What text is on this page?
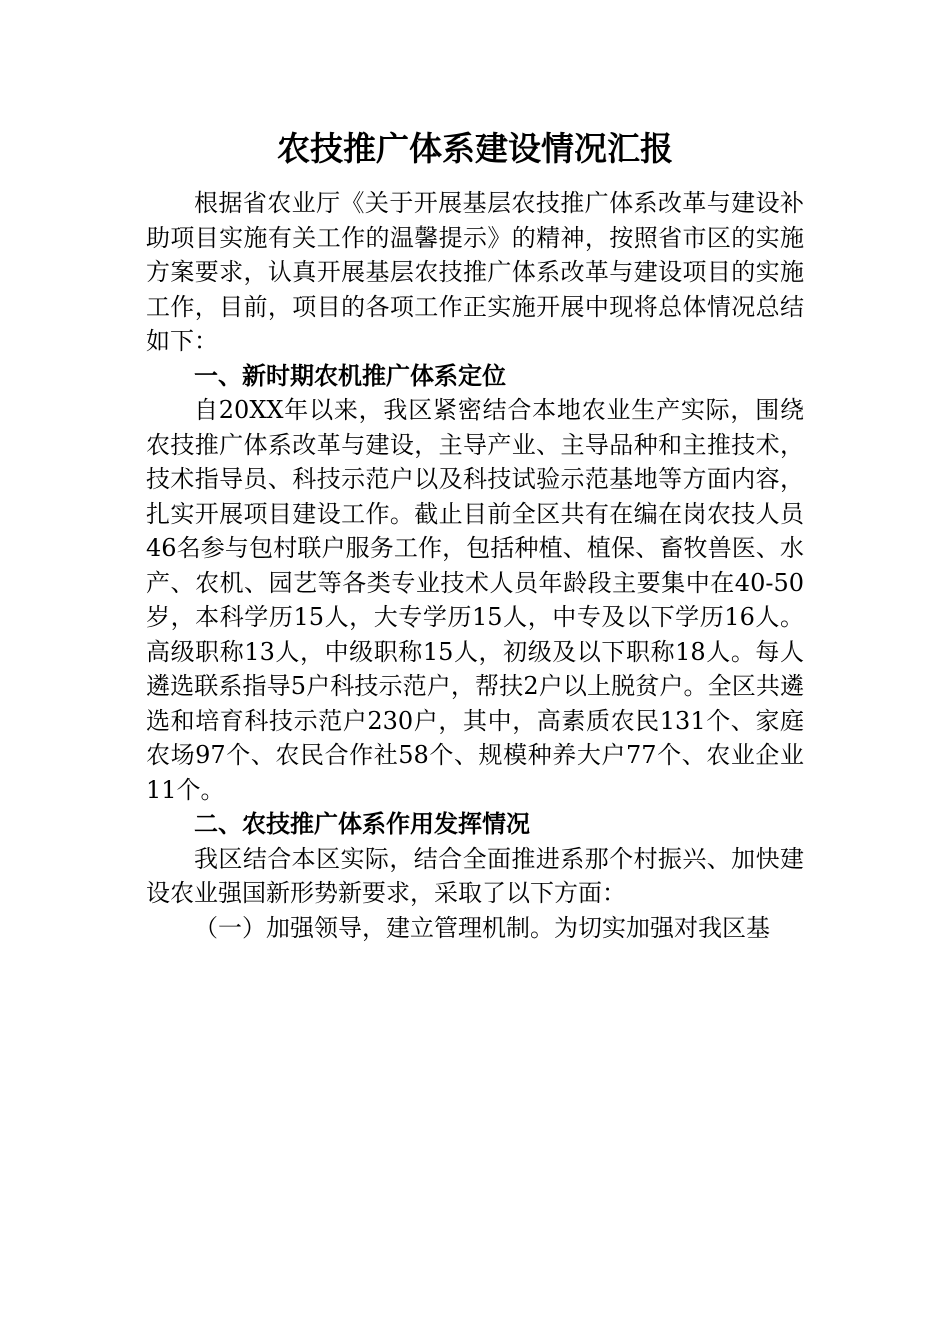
农技推广体系建设情况汇报

根据省农业厅《关于开展基层农技推广体系改革与建设补助项目实施有关工作的温馨提示》的精神，按照省市区的实施方案要求，认真开展基层农技推广体系改革与建设项目的实施工作，目前，项目的各项工作正实施开展中现将总体情况总结如下：

一、新时期农机推广体系定位

自20XX年以来，我区紧密结合本地农业生产实际，围绕农技推广体系改革与建设，主导产业、主导品种和主推技术，技术指导员、科技示范户以及科技试验示范基地等方面内容，扎实开展项目建设工作。截止目前全区共有在编在岗农技人员46名参与包村联户服务工作，包括种植、植保、畜牧兽医、水产、农机、园艺等各类专业技术人员年龄段主要集中在40-50岁，本科学历15人，大专学历15人，中专及以下学历16人。高级职称13人，中级职称15人，初级及以下职称18人。每人遴选联系指导5户科技示范户，帮扶2户以上脱贫户。全区共遴选和培育科技示范户230户，其中，高素质农民131个、家庭农场97个、农民合作社58个、规模种养大户77个、农业企业11个。

二、农技推广体系作用发挥情况

我区结合本区实际，结合全面推进系那个村振兴、加快建设农业强国新形势新要求，采取了以下方面：

（一）加强领导，建立管理机制。为切实加强对我区基
